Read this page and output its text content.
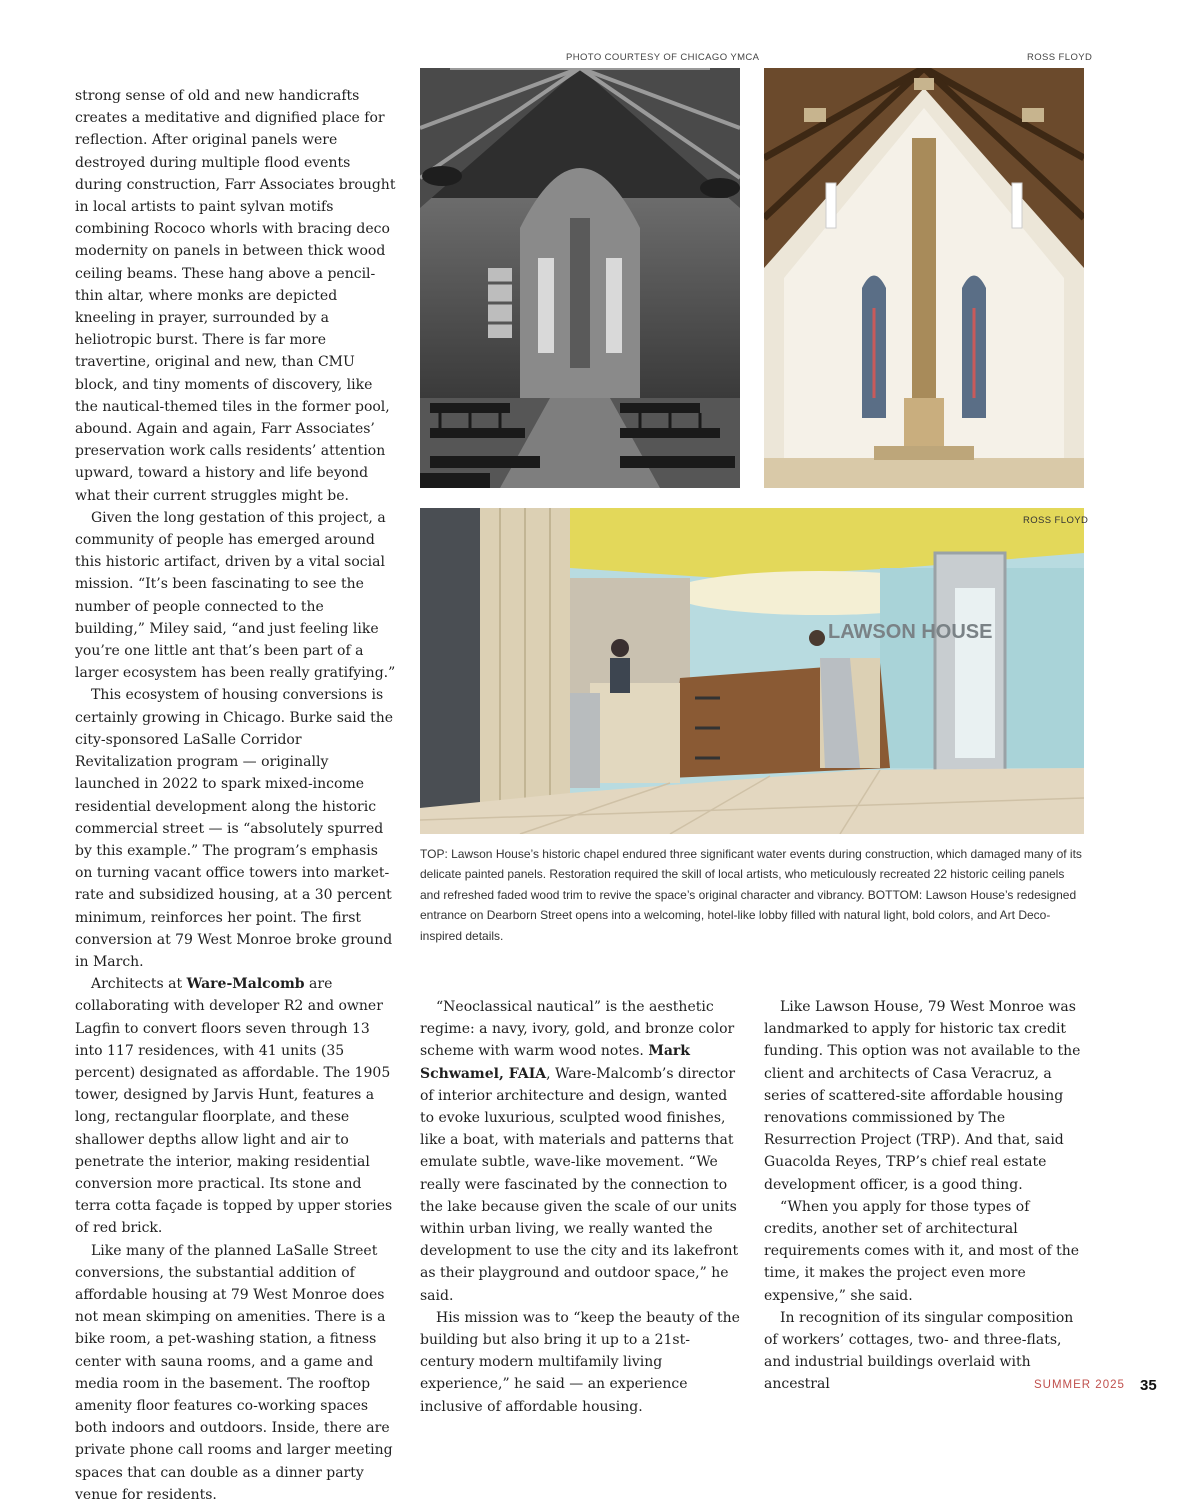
PHOTO COURTESY OF CHICAGO YMCA	ROSS FLOYD

strong sense of old and new handicrafts creates a meditative and dignified place for reflection. After original panels were destroyed during multiple flood events during construction, Farr Associates brought in local artists to paint sylvan motifs combining Rococo whorls with bracing deco modernity on panels in between thick wood ceiling beams. These hang above a pencil-thin altar, where monks are depicted kneeling in prayer, surrounded by a heliotropic burst. There is far more travertine, original and new, than CMU block, and tiny moments of discovery, like the nautical-themed tiles in the former pool, abound. Again and again, Farr Associates’ preservation work calls residents’ attention upward, toward a history and life beyond what their current struggles might be.

Given the long gestation of this project, a community of people has emerged around this historic artifact, driven by a vital social mission. “It’s been fascinating to see the number of people connected to the building,” Miley said, “and just feeling like you’re one little ant that’s been part of a larger ecosystem has been really gratifying.”

This ecosystem of housing conversions is certainly growing in Chicago. Burke said the city-sponsored LaSalle Corridor Revitalization program — originally launched in 2022 to spark mixed-income residential development along the historic commercial street — is “absolutely spurred by this example.” The program’s emphasis on turning vacant office towers into market-rate and subsidized housing, at a 30 percent minimum, reinforces her point. The first conversion at 79 West Monroe broke ground in March.

Architects at Ware-Malcomb are collaborating with developer R2 and owner Lagfin to convert floors seven through 13 into 117 residences, with 41 units (35 percent) designated as affordable. The 1905 tower, designed by Jarvis Hunt, features a long, rectangular floorplate, and these shallower depths allow light and air to penetrate the interior, making residential conversion more practical. Its stone and terra cotta façade is topped by upper stories of red brick.

Like many of the planned LaSalle Street conversions, the substantial addition of affordable housing at 79 West Monroe does not mean skimping on amenities. There is a bike room, a pet-washing station, a fitness center with sauna rooms, and a game and media room in the basement. The rooftop amenity floor features co-working spaces both indoors and outdoors. Inside, there are private phone call rooms and larger meeting spaces that can double as a dinner party venue for residents.

LAWSON HOUSE
ROSS FLOYD
TOP: Lawson House’s historic chapel endured three significant water events during construction, which damaged many of its delicate painted panels. Restoration required the skill of local artists, who meticulously recreated 22 historic ceiling panels and refreshed faded wood trim to revive the space’s original character and vibrancy. BOTTOM: Lawson House’s redesigned entrance on Dearborn Street opens into a welcoming, hotel-like lobby filled with natural light, bold colors, and Art Deco-inspired details.

“Neoclassical nautical” is the aesthetic regime: a navy, ivory, gold, and bronze color scheme with warm wood notes. Mark Schwamel, FAIA, Ware-Malcomb’s director of interior architecture and design, wanted to evoke luxurious, sculpted wood finishes, like a boat, with materials and patterns that emulate subtle, wave-like movement. “We really were fascinated by the connection to the lake because given the scale of our units within urban living, we really wanted the development to use the city and its lakefront as their playground and outdoor space,” he said.

His mission was to “keep the beauty of the building but also bring it up to a 21st-century modern multifamily living experience,” he said — an experience inclusive of affordable housing.

Like Lawson House, 79 West Monroe was landmarked to apply for historic tax credit funding. This option was not available to the client and architects of Casa Veracruz, a series of scattered-site affordable housing renovations commissioned by The Resurrection Project (TRP). And that, said Guacolda Reyes, TRP’s chief real estate development officer, is a good thing.

“When you apply for those types of credits, another set of architectural requirements comes with it, and most of the time, it makes the project even more expensive,” she said.

In recognition of its singular composition of workers’ cottages, two- and three-flats, and industrial buildings overlaid with ancestral	SUMMER 2025 35
